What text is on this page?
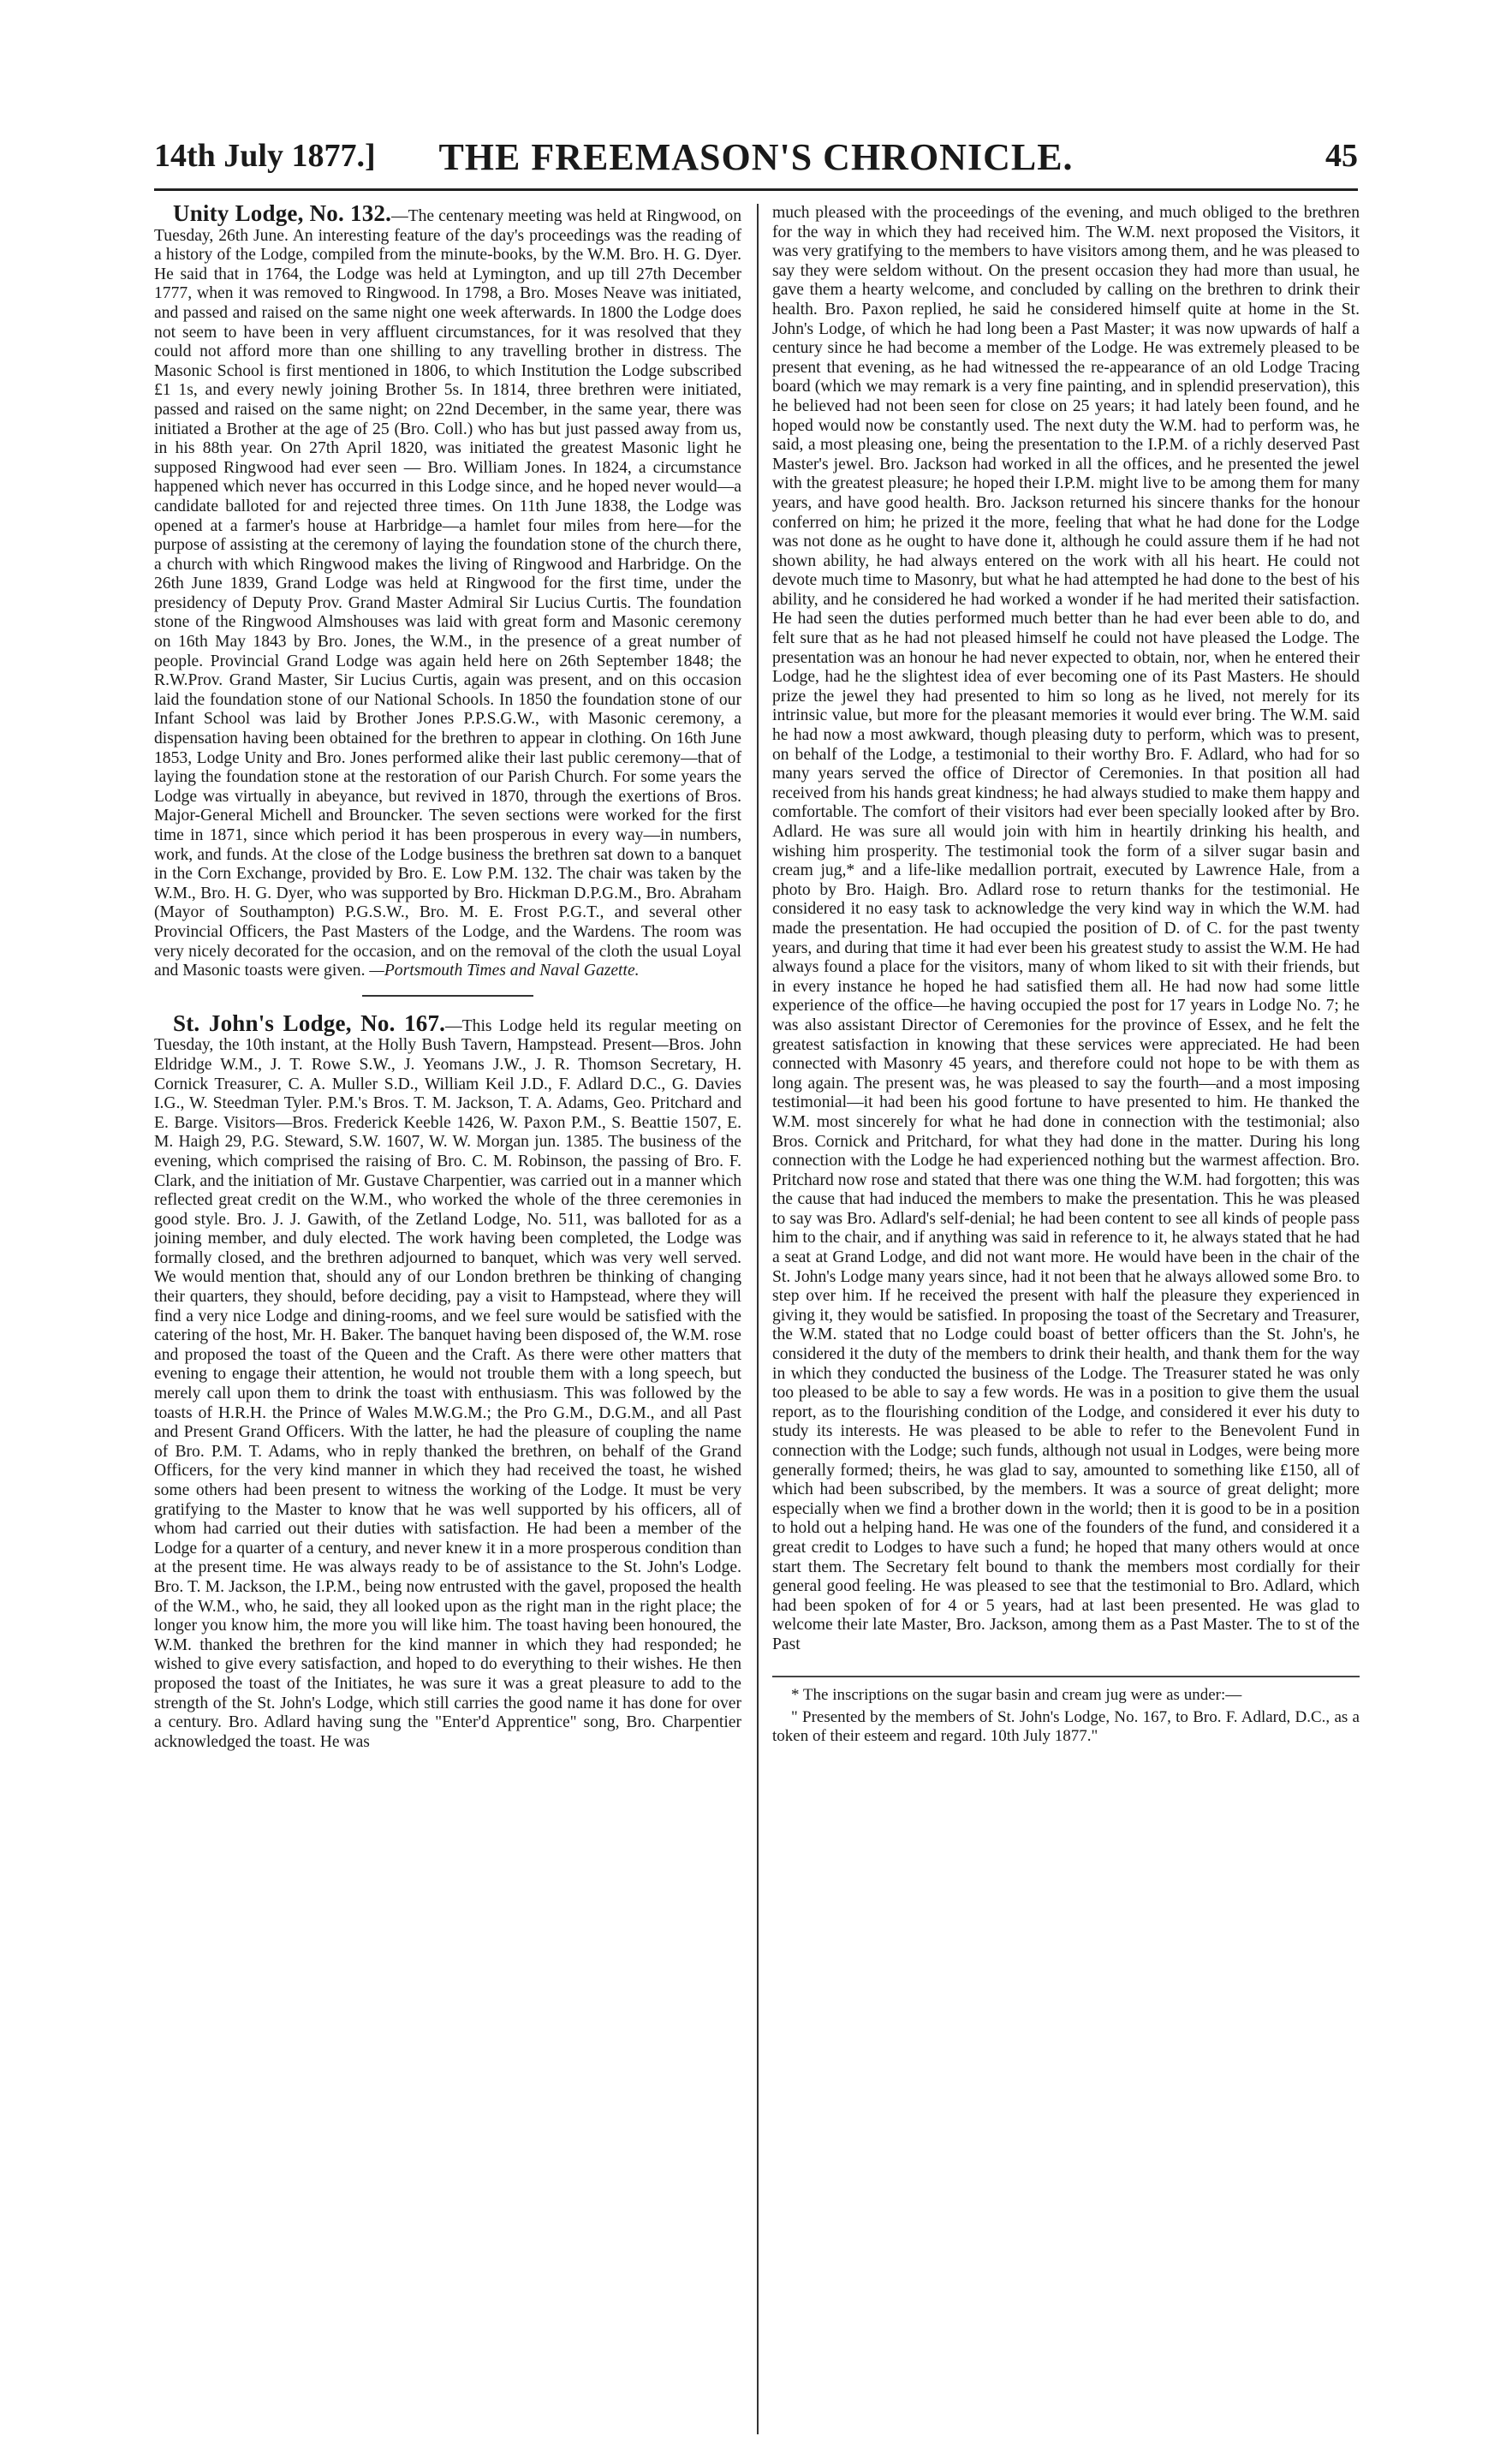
14th July 1877.]	THE FREEMASON'S CHRONICLE.	45

Unity Lodge, No. 132.—The centenary meeting was held at Ringwood, on Tuesday, 26th June. An interesting feature of the day's proceedings was the reading of a history of the Lodge, compiled from the minute-books, by the W.M. Bro. H. G. Dyer. He said that in 1764, the Lodge was held at Lymington, and up till 27th December 1777, when it was removed to Ringwood. In 1798, a Bro. Moses Neave was initiated, and passed and raised on the same night one week afterwards. In 1800 the Lodge does not seem to have been in very affluent circumstances, for it was resolved that they could not afford more than one shilling to any travelling brother in distress. The Masonic School is first mentioned in 1806, to which Institution the Lodge subscribed £1 1s, and every newly joining Brother 5s. In 1814, three brethren were initiated, passed and raised on the same night; on 22nd December, in the same year, there was initiated a Brother at the age of 25 (Bro. Coll.) who has but just passed away from us, in his 88th year. On 27th April 1820, was initiated the greatest Masonic light he supposed Ringwood had ever seen — Bro. William Jones. In 1824, a circumstance happened which never has occurred in this Lodge since, and he hoped never would—a candidate balloted for and rejected three times. On 11th June 1838, the Lodge was opened at a farmer's house at Harbridge—a hamlet four miles from here—for the purpose of assisting at the ceremony of laying the foundation stone of the church there, a church with which Ringwood makes the living of Ringwood and Harbridge. On the 26th June 1839, Grand Lodge was held at Ringwood for the first time, under the presidency of Deputy Prov. Grand Master Admiral Sir Lucius Curtis. The foundation stone of the Ringwood Almshouses was laid with great form and Masonic ceremony on 16th May 1843 by Bro. Jones, the W.M., in the presence of a great number of people. Provincial Grand Lodge was again held here on 26th September 1848; the R.W.Prov. Grand Master, Sir Lucius Curtis, again was present, and on this occasion laid the foundation stone of our National Schools. In 1850 the foundation stone of our Infant School was laid by Brother Jones P.P.S.G.W., with Masonic ceremony, a dispensation having been obtained for the brethren to appear in clothing. On 16th June 1853, Lodge Unity and Bro. Jones performed alike their last public ceremony—that of laying the foundation stone at the restoration of our Parish Church. For some years the Lodge was virtually in abeyance, but revived in 1870, through the exertions of Bros. Major-General Michell and Brouncker. The seven sections were worked for the first time in 1871, since which period it has been prosperous in every way—in numbers, work, and funds. At the close of the Lodge business the brethren sat down to a banquet in the Corn Exchange, provided by Bro. E. Low P.M. 132. The chair was taken by the W.M., Bro. H. G. Dyer, who was supported by Bro. Hickman D.P.G.M., Bro. Abraham (Mayor of Southampton) P.G.S.W., Bro. M. E. Frost P.G.T., and several other Provincial Officers, the Past Masters of the Lodge, and the Wardens. The room was very nicely decorated for the occasion, and on the removal of the cloth the usual Loyal and Masonic toasts were given. —Portsmouth Times and Naval Gazette.

St. John's Lodge, No. 167.—This Lodge held its regular meeting on Tuesday, the 10th instant, at the Holly Bush Tavern, Hampstead. Present—Bros. John Eldridge W.M., J. T. Rowe S.W., J. Yeomans J.W., J. R. Thomson Secretary, H. Cornick Treasurer, C. A. Muller S.D., William Keil J.D., F. Adlard D.C., G. Davies I.G., W. Steedman Tyler. P.M.'s Bros. T. M. Jackson, T. A. Adams, Geo. Pritchard and E. Barge. Visitors—Bros. Frederick Keeble 1426, W. Paxon P.M., S. Beattie 1507, E. M. Haigh 29, P.G. Steward, S.W. 1607, W. W. Morgan jun. 1385. The business of the evening, which comprised the raising of Bro. C. M. Robinson, the passing of Bro. F. Clark, and the initiation of Mr. Gustave Charpentier, was carried out in a manner which reflected great credit on the W.M., who worked the whole of the three ceremonies in good style. Bro. J. J. Gawith, of the Zetland Lodge, No. 511, was balloted for as a joining member, and duly elected. The work having been completed, the Lodge was formally closed, and the brethren adjourned to banquet, which was very well served. We would mention that, should any of our London brethren be thinking of changing their quarters, they should, before deciding, pay a visit to Hampstead, where they will find a very nice Lodge and dining-rooms, and we feel sure would be satisfied with the catering of the host, Mr. H. Baker. The banquet having been disposed of, the W.M. rose and proposed the toast of the Queen and the Craft. As there were other matters that evening to engage their attention, he would not trouble them with a long speech, but merely call upon them to drink the toast with enthusiasm. This was followed by the toasts of H.R.H. the Prince of Wales M.W.G.M.; the Pro G.M., D.G.M., and all Past and Present Grand Officers. With the latter, he had the pleasure of coupling the name of Bro. P.M. T. Adams, who in reply thanked the brethren, on behalf of the Grand Officers, for the very kind manner in which they had received the toast, he wished some others had been present to witness the working of the Lodge. It must be very gratifying to the Master to know that he was well supported by his officers, all of whom had carried out their duties with satisfaction. He had been a member of the Lodge for a quarter of a century, and never knew it in a more prosperous condition than at the present time. He was always ready to be of assistance to the St. John's Lodge. Bro. T. M. Jackson, the I.P.M., being now entrusted with the gavel, proposed the health of the W.M., who, he said, they all looked upon as the right man in the right place; the longer you know him, the more you will like him. The toast having been honoured, the W.M. thanked the brethren for the kind manner in which they had responded; he wished to give every satisfaction, and hoped to do everything to their wishes. He then proposed the toast of the Initiates, he was sure it was a great pleasure to add to the strength of the St. John's Lodge, which still carries the good name it has done for over a century. Bro. Adlard having sung the "Enter'd Apprentice" song, Bro. Charpentier acknowledged the toast. He was

much pleased with the proceedings of the evening, and much obliged to the brethren for the way in which they had received him. The W.M. next proposed the Visitors, it was very gratifying to the members to have visitors among them, and he was pleased to say they were seldom without. On the present occasion they had more than usual, he gave them a hearty welcome, and concluded by calling on the brethren to drink their health. Bro. Paxon replied, he said he considered himself quite at home in the St. John's Lodge, of which he had long been a Past Master; it was now upwards of half a century since he had become a member of the Lodge. He was extremely pleased to be present that evening, as he had witnessed the re-appearance of an old Lodge Tracing board (which we may remark is a very fine painting, and in splendid preservation), this he believed had not been seen for close on 25 years; it had lately been found, and he hoped would now be constantly used. The next duty the W.M. had to perform was, he said, a most pleasing one, being the presentation to the I.P.M. of a richly deserved Past Master's jewel. Bro. Jackson had worked in all the offices, and he presented the jewel with the greatest pleasure; he hoped their I.P.M. might live to be among them for many years, and have good health. Bro. Jackson returned his sincere thanks for the honour conferred on him; he prized it the more, feeling that what he had done for the Lodge was not done as he ought to have done it, although he could assure them if he had not shown ability, he had always entered on the work with all his heart. He could not devote much time to Masonry, but what he had attempted he had done to the best of his ability, and he considered he had worked a wonder if he had merited their satisfaction. He had seen the duties performed much better than he had ever been able to do, and felt sure that as he had not pleased himself he could not have pleased the Lodge. The presentation was an honour he had never expected to obtain, nor, when he entered their Lodge, had he the slightest idea of ever becoming one of its Past Masters. He should prize the jewel they had presented to him so long as he lived, not merely for its intrinsic value, but more for the pleasant memories it would ever bring. The W.M. said he had now a most awkward, though pleasing duty to perform, which was to present, on behalf of the Lodge, a testimonial to their worthy Bro. F. Adlard, who had for so many years served the office of Director of Ceremonies. In that position all had received from his hands great kindness; he had always studied to make them happy and comfortable. The comfort of their visitors had ever been specially looked after by Bro. Adlard. He was sure all would join with him in heartily drinking his health, and wishing him prosperity. The testimonial took the form of a silver sugar basin and cream jug,* and a life-like medallion portrait, executed by Lawrence Hale, from a photo by Bro. Haigh. Bro. Adlard rose to return thanks for the testimonial. He considered it no easy task to acknowledge the very kind way in which the W.M. had made the presentation. He had occupied the position of D. of C. for the past twenty years, and during that time it had ever been his greatest study to assist the W.M. He had always found a place for the visitors, many of whom liked to sit with their friends, but in every instance he hoped he had satisfied them all. He had now had some little experience of the office—he having occupied the post for 17 years in Lodge No. 7; he was also assistant Director of Ceremonies for the province of Essex, and he felt the greatest satisfaction in knowing that these services were appreciated. He had been connected with Masonry 45 years, and therefore could not hope to be with them as long again. The present was, he was pleased to say the fourth—and a most imposing testimonial—it had been his good fortune to have presented to him. He thanked the W.M. most sincerely for what he had done in connection with the testimonial; also Bros. Cornick and Pritchard, for what they had done in the matter. During his long connection with the Lodge he had experienced nothing but the warmest affection. Bro. Pritchard now rose and stated that there was one thing the W.M. had forgotten; this was the cause that had induced the members to make the presentation. This he was pleased to say was Bro. Adlard's self-denial; he had been content to see all kinds of people pass him to the chair, and if anything was said in reference to it, he always stated that he had a seat at Grand Lodge, and did not want more. He would have been in the chair of the St. John's Lodge many years since, had it not been that he always allowed some Bro. to step over him. If he received the present with half the pleasure they experienced in giving it, they would be satisfied. In proposing the toast of the Secretary and Treasurer, the W.M. stated that no Lodge could boast of better officers than the St. John's, he considered it the duty of the members to drink their health, and thank them for the way in which they conducted the business of the Lodge. The Treasurer stated he was only too pleased to be able to say a few words. He was in a position to give them the usual report, as to the flourishing condition of the Lodge, and considered it ever his duty to study its interests. He was pleased to be able to refer to the Benevolent Fund in connection with the Lodge; such funds, although not usual in Lodges, were being more generally formed; theirs, he was glad to say, amounted to something like £150, all of which had been subscribed, by the members. It was a source of great delight; more especially when we find a brother down in the world; then it is good to be in a position to hold out a helping hand. He was one of the founders of the fund, and considered it a great credit to Lodges to have such a fund; he hoped that many others would at once start them. The Secretary felt bound to thank the members most cordially for their general good feeling. He was pleased to see that the testimonial to Bro. Adlard, which had been spoken of for 4 or 5 years, had at last been presented. He was glad to welcome their late Master, Bro. Jackson, among them as a Past Master. The to st of the Past

* The inscriptions on the sugar basin and cream jug were as under:—

" Presented by the members of St. John's Lodge, No. 167, to Bro. F. Adlard, D.C., as a token of their esteem and regard. 10th July 1877."
